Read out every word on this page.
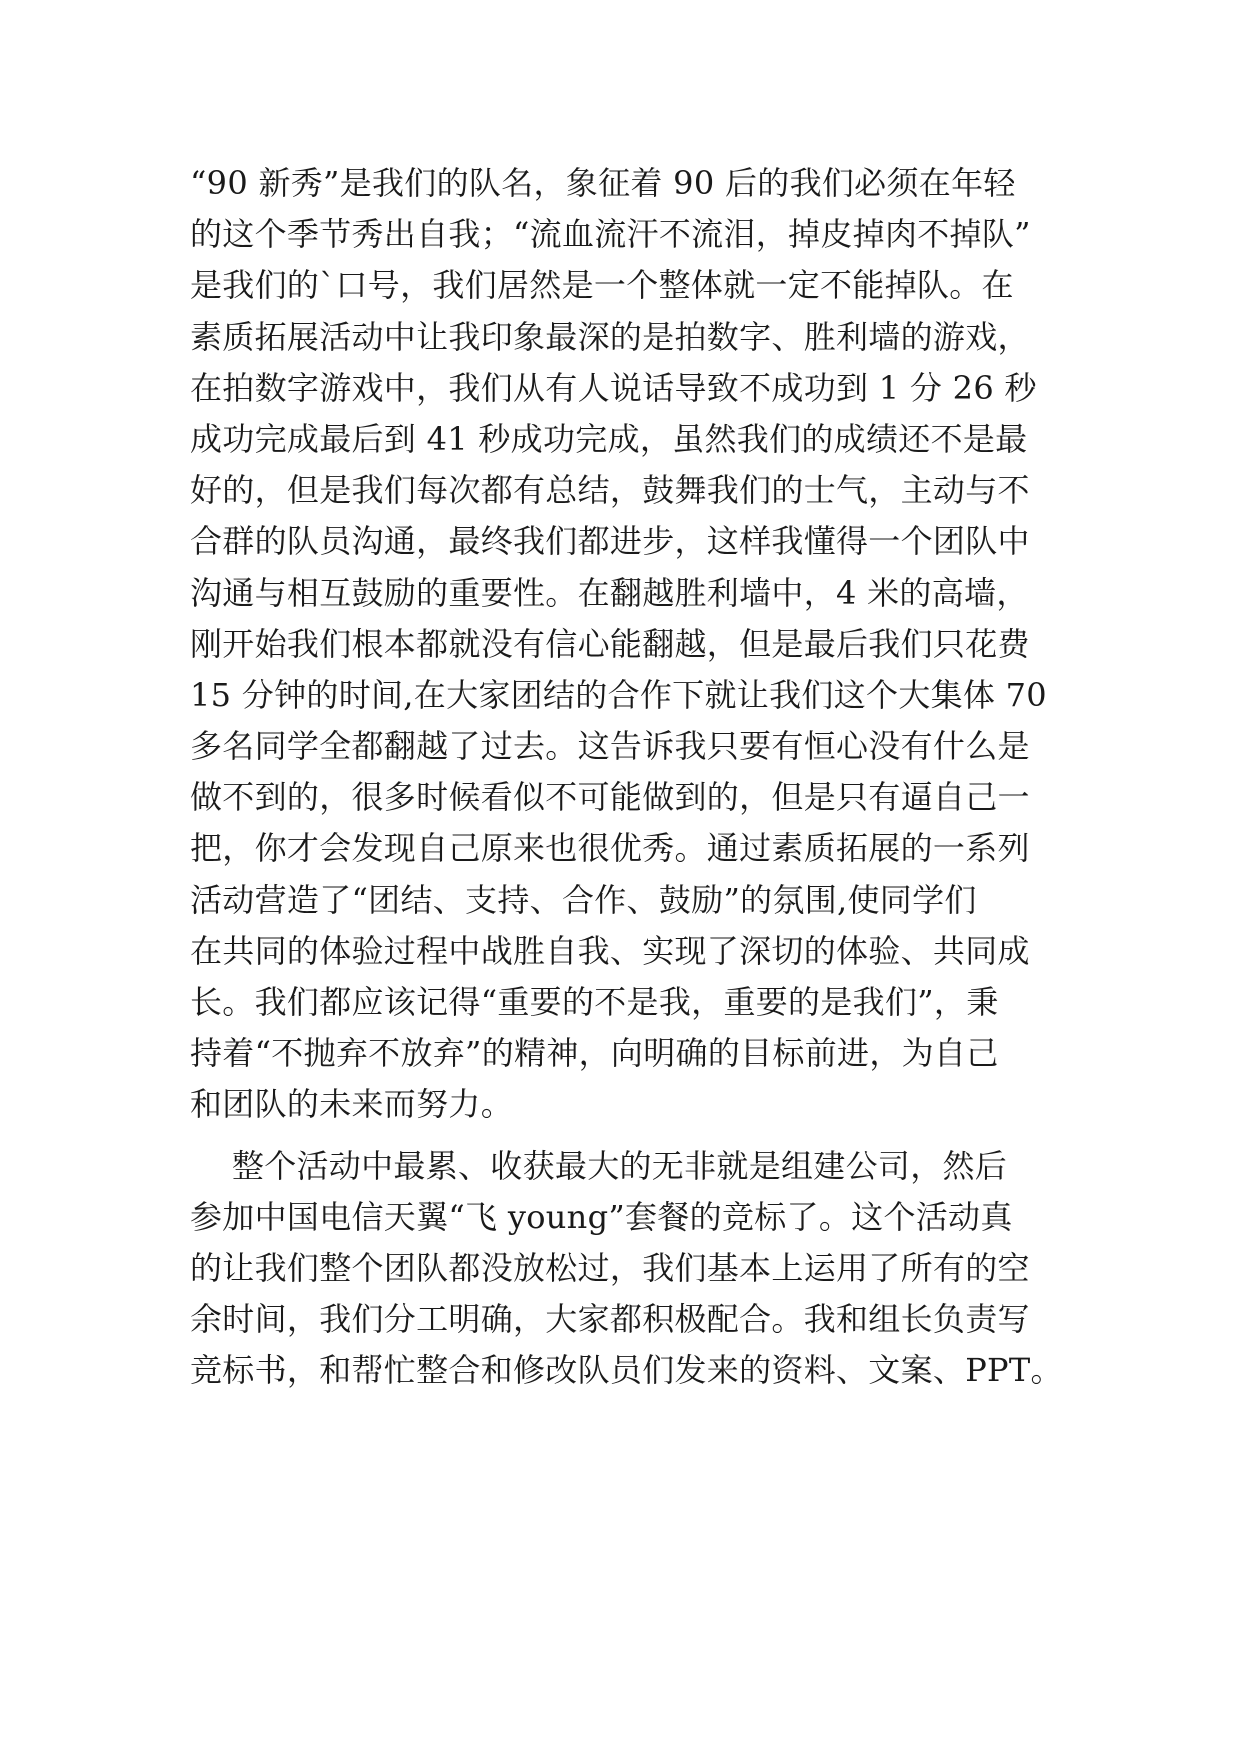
“90 新秀”是我们的队名，象征着 90 后的我们必须在年轻
的这个季节秀出自我；“流血流汗不流泪，掉皮掉肉不掉队”
是我们的`口号，我们居然是一个整体就一定不能掉队。在
素质拓展活动中让我印象最深的是拍数字、胜利墙的游戏，
在拍数字游戏中，我们从有人说话导致不成功到 1 分 26 秒
成功完成最后到 41 秒成功完成，虽然我们的成绩还不是最
好的，但是我们每次都有总结，鼓舞我们的士气，主动与不
合群的队员沟通，最终我们都进步，这样我懂得一个团队中
沟通与相互鼓励的重要性。在翻越胜利墙中，4 米的高墙，
刚开始我们根本都就没有信心能翻越，但是最后我们只花费
15 分钟的时间,在大家团结的合作下就让我们这个大集体 70
多名同学全都翻越了过去。这告诉我只要有恒心没有什么是
做不到的，很多时候看似不可能做到的，但是只有逼自己一
把，你才会发现自己原来也很优秀。通过素质拓展的一系列
活动营造了“团结、支持、合作、鼓励”的氛围,使同学们
在共同的体验过程中战胜自我、实现了深切的体验、共同成
长。我们都应该记得“重要的不是我，重要的是我们”，秉
持着“不抛弃不放弃”的精神，向明确的目标前进，为自己
和团队的未来而努力。
整个活动中最累、收获最大的无非就是组建公司，然后
参加中国电信天翼“飞 young”套餐的竞标了。这个活动真
的让我们整个团队都没放松过，我们基本上运用了所有的空
余时间，我们分工明确，大家都积极配合。我和组长负责写
竞标书，和帮忙整合和修改队员们发来的资料、文案、PPT。
